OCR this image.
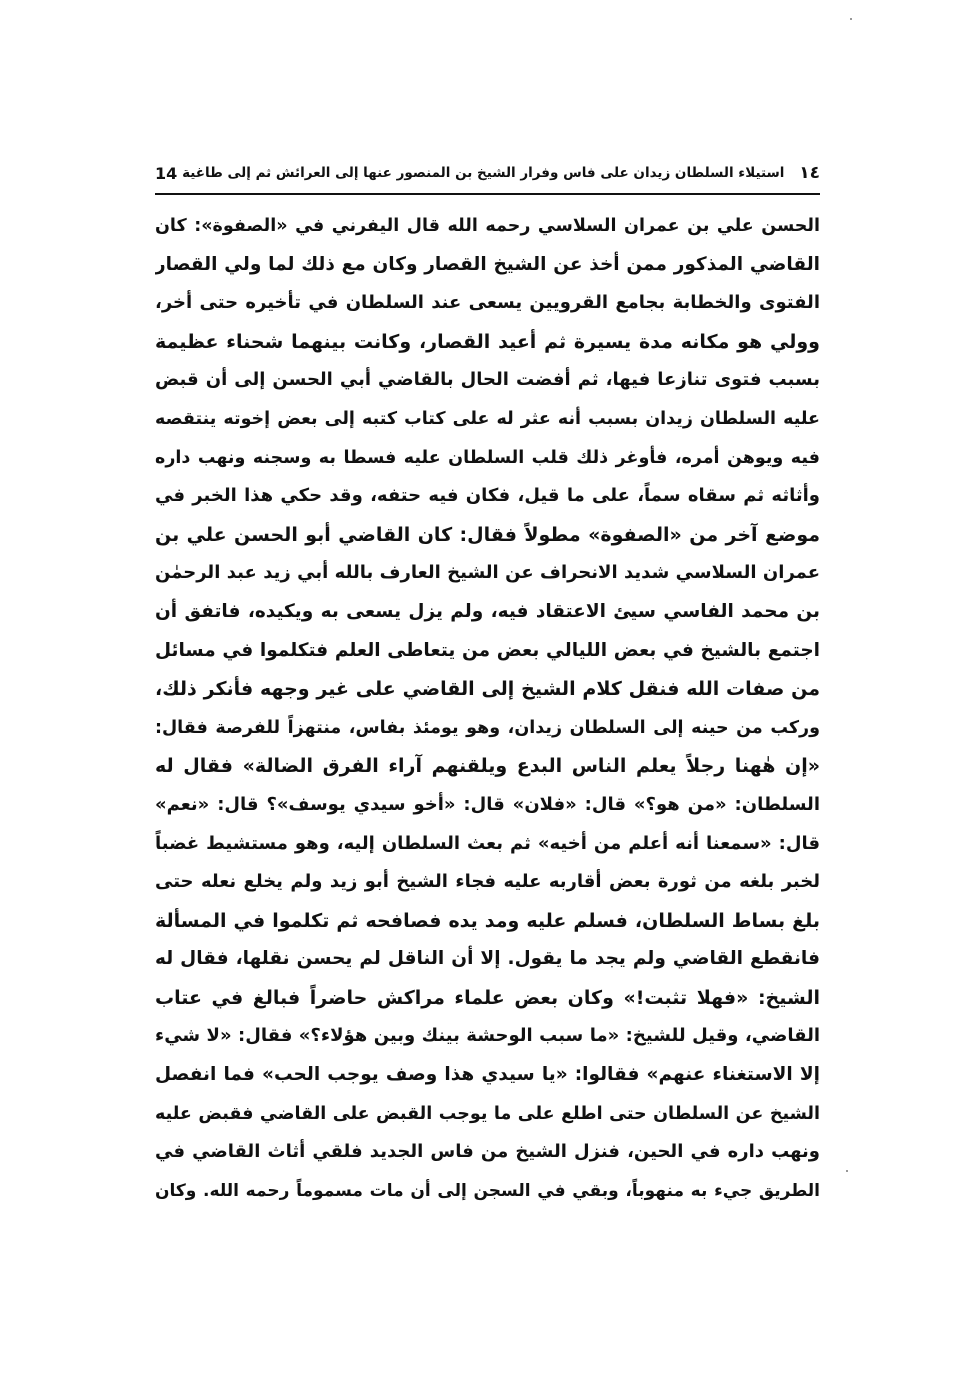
١٤
استيلاء السلطان زيدان على فاس وفرار الشيخ بن المنصور عنها إلى العرائش ثم إلى طاغية
14
الحسن علي بن عمران السلاسي رحمه الله قال اليفرني في «الصفوة»: كان
القاضي المذكور ممن أخذ عن الشيخ القصار وكان مع ذلك لما ولي القصار
الفتوى والخطابة بجامع القرويين يسعى عند السلطان في تأخيره حتى أخر،
وولي هو مكانه مدة يسيرة ثم أعيد القصار، وكانت بينهما شحناء عظيمة
بسبب فتوى تنازعا فيها، ثم أفضت الحال بالقاضي أبي الحسن إلى أن قبض
عليه السلطان زيدان بسبب أنه عثر له على كتاب كتبه إلى بعض إخوته ينتقصه
فيه ويوهن أمره، فأوغر ذلك قلب السلطان عليه فسطا به وسجنه ونهب داره
وأثاثه ثم سقاه سماً، على ما قيل، فكان فيه حتفه، وقد حكي هذا الخبر في
موضع آخر من «الصفوة» مطولاً فقال: كان القاضي أبو الحسن علي بن
عمران السلاسي شديد الانحراف عن الشيخ العارف بالله أبي زيد عبد الرحمٰن
بن محمد الفاسي سيئ الاعتقاد فيه، ولم يزل يسعى به ويكيده، فاتفق أن
اجتمع بالشيخ في بعض الليالي بعض من يتعاطى العلم فتكلموا في مسائل
من صفات الله فنقل كلام الشيخ إلى القاضي على غير وجهه فأنكر ذلك،
وركب من حينه إلى السلطان زيدان، وهو يومئذ بفاس، منتهزاً للفرصة فقال:
«إن هٰهنا رجلاً يعلم الناس البدع ويلقنهم آراء الفرق الضالة» فقال له
السلطان: «من هو؟» قال: «فلان» قال: «أخو سيدي يوسف»؟ قال: «نعم»
قال: «سمعنا أنه أعلم من أخيه» ثم بعث السلطان إليه، وهو مستشيط غضباً
لخبر بلغه من ثورة بعض أقاربه عليه فجاء الشيخ أبو زيد ولم يخلع نعله حتى
بلغ بساط السلطان، فسلم عليه ومد يده فصافحه ثم تكلموا في المسألة
فانقطع القاضي ولم يجد ما يقول. إلا أن الناقل لم يحسن نقلها، فقال له
الشيخ: «فهلا تثبت!» وكان بعض علماء مراكش حاضراً فبالغ في عتاب
القاضي، وقيل للشيخ: «ما سبب الوحشة بينك وبين هؤلاء؟» فقال: «لا شيء
إلا الاستغناء عنهم» فقالوا: «يا سيدي هذا وصف يوجب الحب» فما انفصل
الشيخ عن السلطان حتى اطلع على ما يوجب القبض على القاضي فقبض عليه
ونهب داره في الحين، فنزل الشيخ من فاس الجديد فلقي أثاث القاضي في
الطريق جيء به منهوباً، وبقي في السجن إلى أن مات مسموماً رحمه الله. وكان
